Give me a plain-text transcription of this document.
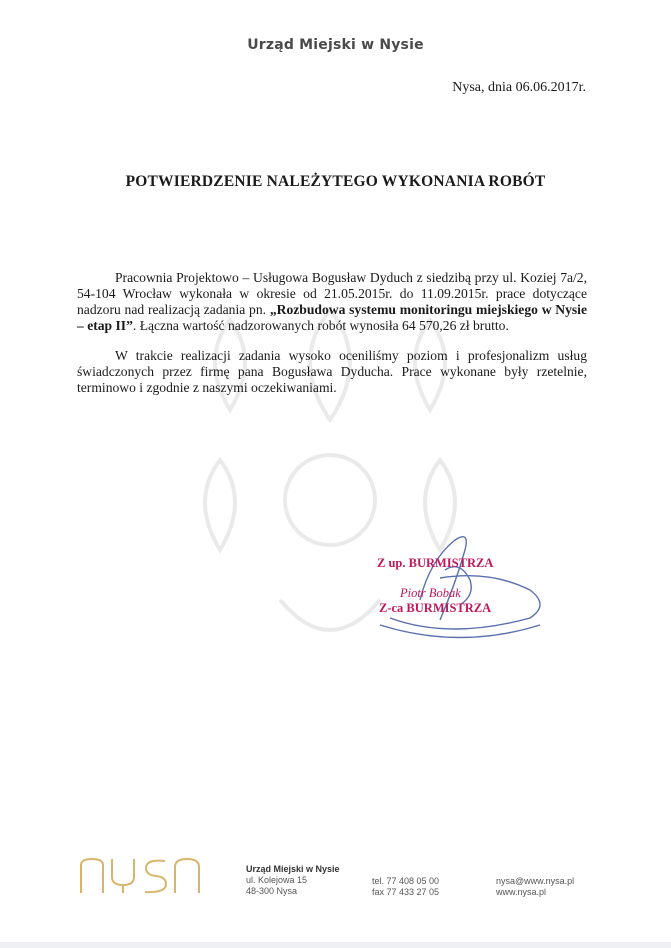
Urząd Miejski w Nysie
Nysa, dnia 06.06.2017r.
POTWIERDZENIE NALEŻYTEGO WYKONANIA ROBÓT

Pracownia Projektowo – Usługowa Bogusław Dyduch z siedzibą przy ul. Koziej 7a/2, 54-104 Wrocław wykonała w okresie od 21.05.2015r. do 11.09.2015r. prace dotyczące nadzoru nad realizacją zadania pn. „Rozbudowa systemu monitoringu miejskiego w Nysie – etap II”. Łączna wartość nadzorowanych robót wynosiła 64 570,26 zł brutto.

W trakcie realizacji zadania wysoko oceniliśmy poziom i profesjonalizm usług świadczonych przez firmę pana Bogusława Dyducha. Prace wykonane były rzetelnie, terminowo i zgodnie z naszymi oczekiwaniami.

Z up. BURMISTRZA
Piotr Bobak
Z-ca BURMISTRZA
Urząd Miejski w Nysie
ul. Kolejowa 15
48-300 Nysa
tel. 77 408 05 00
fax 77 433 27 05
nysa@www.nysa.pl
www.nysa.pl
